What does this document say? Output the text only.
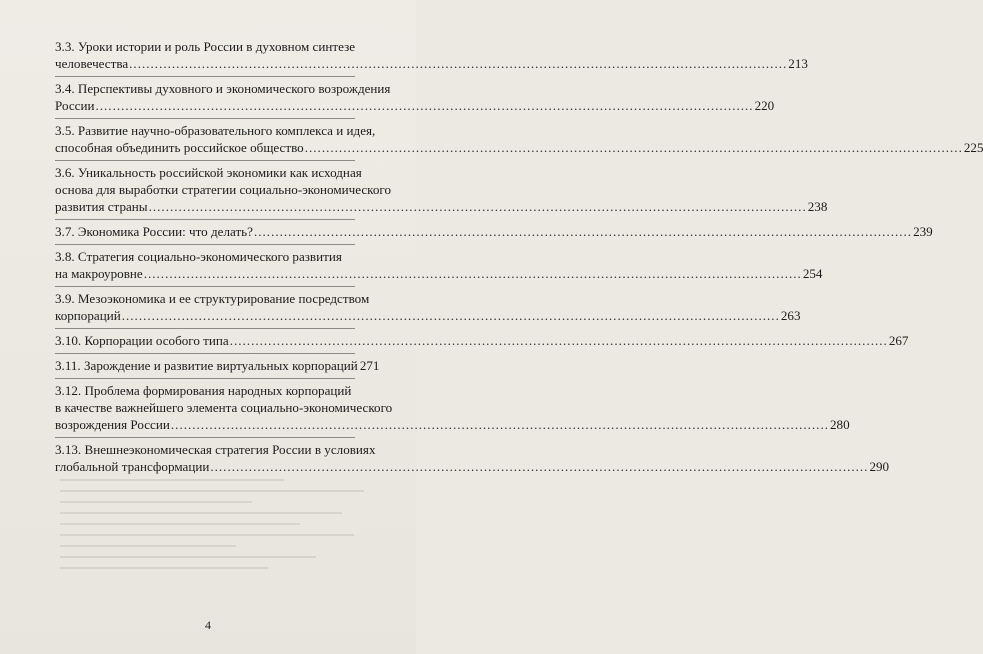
3.3. Уроки истории и роль России в духовном синтезе
человечества .....	213
3.4. Перспективы духовного и экономического возрождения
России .....	220
3.5. Развитие научно-образовательного комплекса и идея,
способная объединить российское общество .....	225
3.6. Уникальность российской экономики как исходная
основа для выработки стратегии социально-экономического
развития страны .....	238
3.7. Экономика России: что делать? .....	239
3.8. Стратегия социально-экономического развития
на макроуровне .....	254
3.9. Мезоэкономика и ее структурирование посредством
корпораций .....	263
3.10. Корпорации особого типа .....	267
3.11. Зарождение и развитие виртуальных корпораций 271
3.12. Проблема формирования народных корпораций
в качестве важнейшего элемента социально-экономического
возрождения России .....	280
3.13. Внешнеэкономическая стратегия России в условиях
глобальной трансформации .....	290
4
